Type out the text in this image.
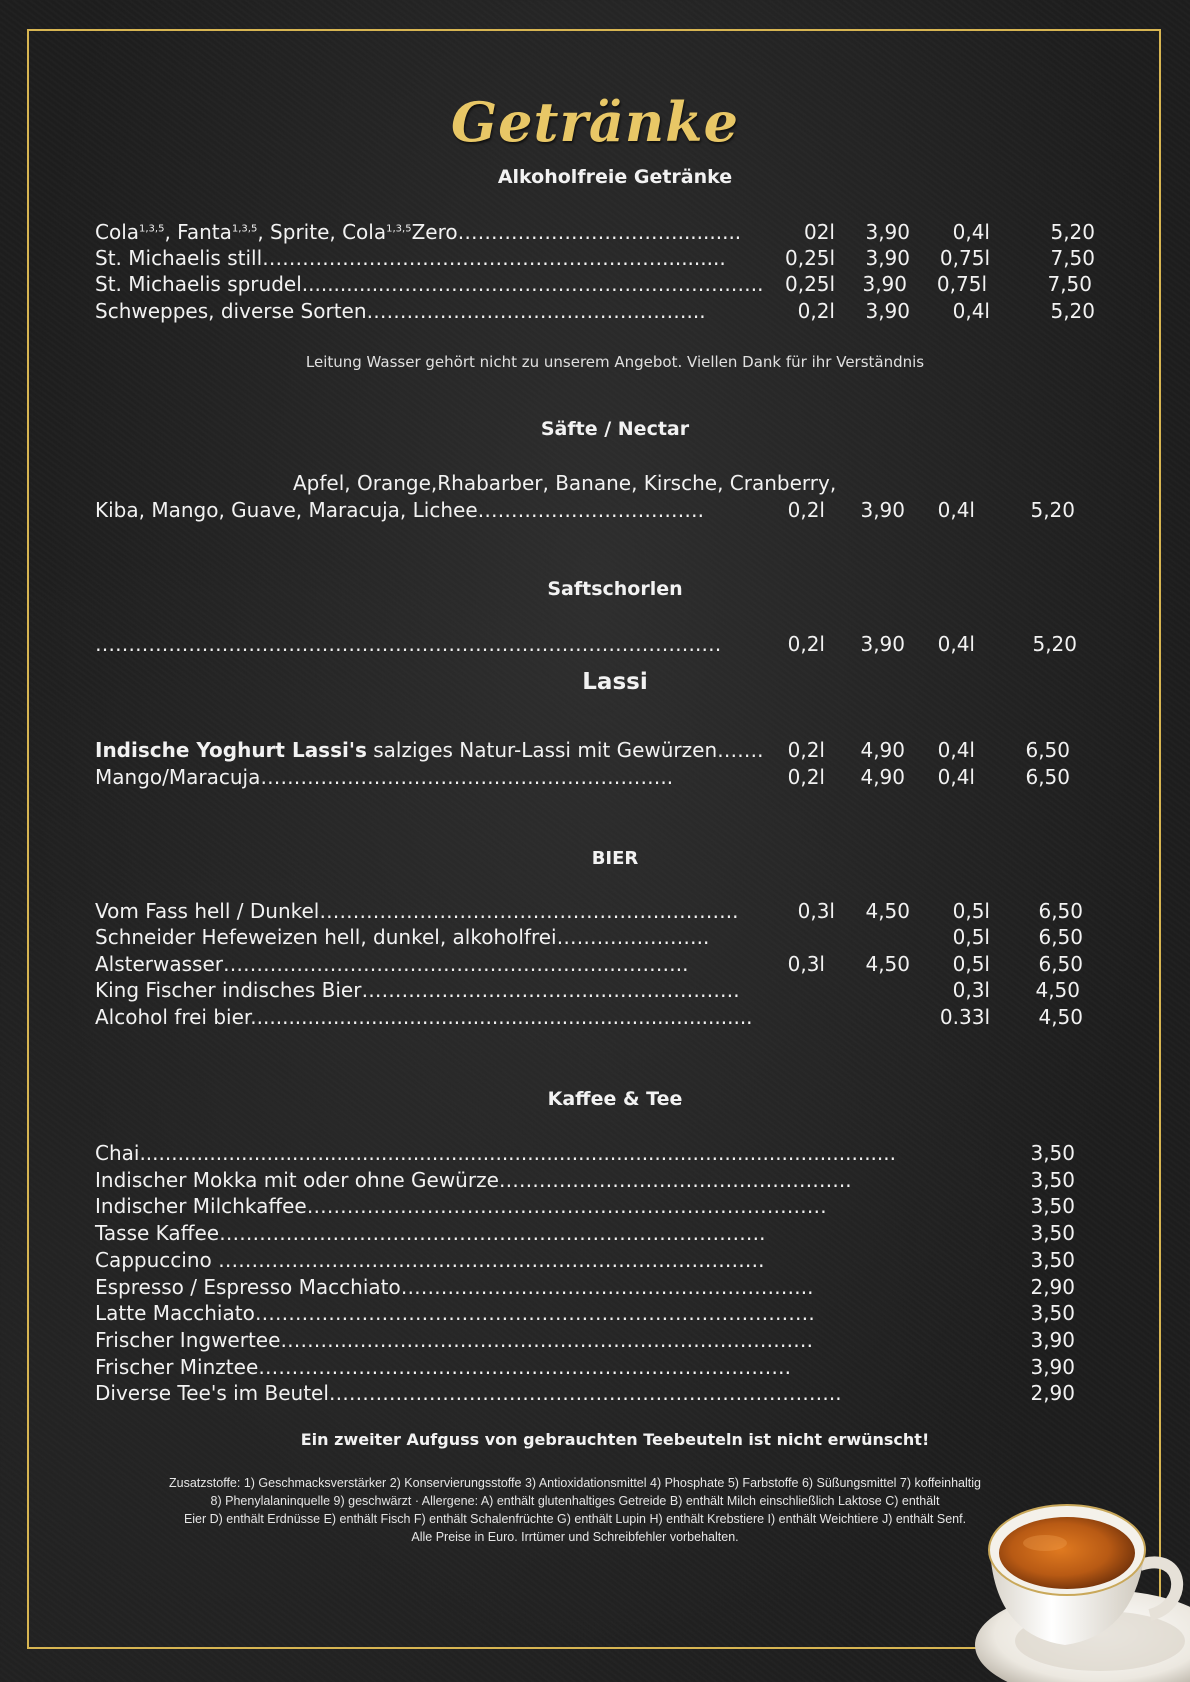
Getränke
Alkoholfreie Getränke
Cola$^{1,3,5}$, Fanta$^{1,3,5}$, Sprite, Cola$^{1,3,5}$Zero……………………………..........	02l 3,90	0,4l	5,20
St. Michaelis still……………………………………………………..........	0,25l 3,90 0,75l	7,50
St. Michaelis sprudel.............…………………………………………….….. 0,25l 3,90 0,75l	7,50
Schweppes, diverse Sorten…………………………………………...	0,2l 3,90	0,4l	5,20
Leitung Wasser gehört nicht zu unserem Angebot. Viellen Dank für ihr Verständnis
Säfte / Nectar
Apfel, Orange,Rhabarber, Banane, Kirsche, Cranberry,
Kiba, Mango, Guave, Maracuja, Lichee…………………………….	0,2l 3,90	0,4l	5,20
Saftschorlen
……………………………………………………………………………….…	0,2l 3,90	0,4l	5,20
Lassi
Indische Yoghurt Lassi's salziges Natur-Lassi mit Gewürzen…….	0,2l 4,90	0,4l	6,50
Mango/Maracuja……………………………………………………..	0,2l 4,90	0,4l	6,50
BIER
Vom Fass hell / Dunkel…………………………………………….………..	0,3l 4,50	0,5l	6,50
Schneider Hefeweizen hell, dunkel, alkoholfrei…………………..	0,5l	6,50
Alsterwasser…………………………………………………..………..	0,3l 4,50	0,5l	6,50
King Fischer indisches Bier…………………………….....……………….	0,3l	4,50
Alcohol frei bier...............................................................................	0.33l	4,50
Kaffee & Tee
Chai.......................................................................................................................	3,50
Indischer Mokka mit oder ohne Gewürze……………………………………………..	3,50
Indischer Milchkaffee……………………………………………………………………	3,50
Tasse Kaffee……………………………………………………………………….	3,50
Cappuccino ……………………………………………………………………….	3,50
Espresso / Espresso Macchiato……………………………………………………..	2,90
Latte Macchiato…………………………………………………………………………	3,50
Frischer Ingwertee………..……………………………………………………………	3,90
Frischer Minztee……………………….…………………………………………….	3,90
Diverse Tee's im Beutel…………………………………………………………………..	2,90
Ein zweiter Aufguss von gebrauchten Teebeuteln ist nicht erwünscht!
Zusatzstoffe: 1) Geschmacksverstärker 2) Konservierungsstoffe 3) Antioxidationsmittel 4) Phosphate 5) Farbstoffe 6) Süßungsmittel 7) koffeinhaltig
8) Phenylalaninquelle 9) geschwärzt · Allergene: A) enthält glutenhaltiges Getreide B) enthält Milch einschließlich Laktose C) enthält
Eier D) enthält Erdnüsse E) enthält Fisch F) enthält Schalenfrüchte G) enthält Lupin H) enthält Krebstiere I) enthält Weichtiere J) enthält Senf.
Alle Preise in Euro. Irrtümer und Schreibfehler vorbehalten.
